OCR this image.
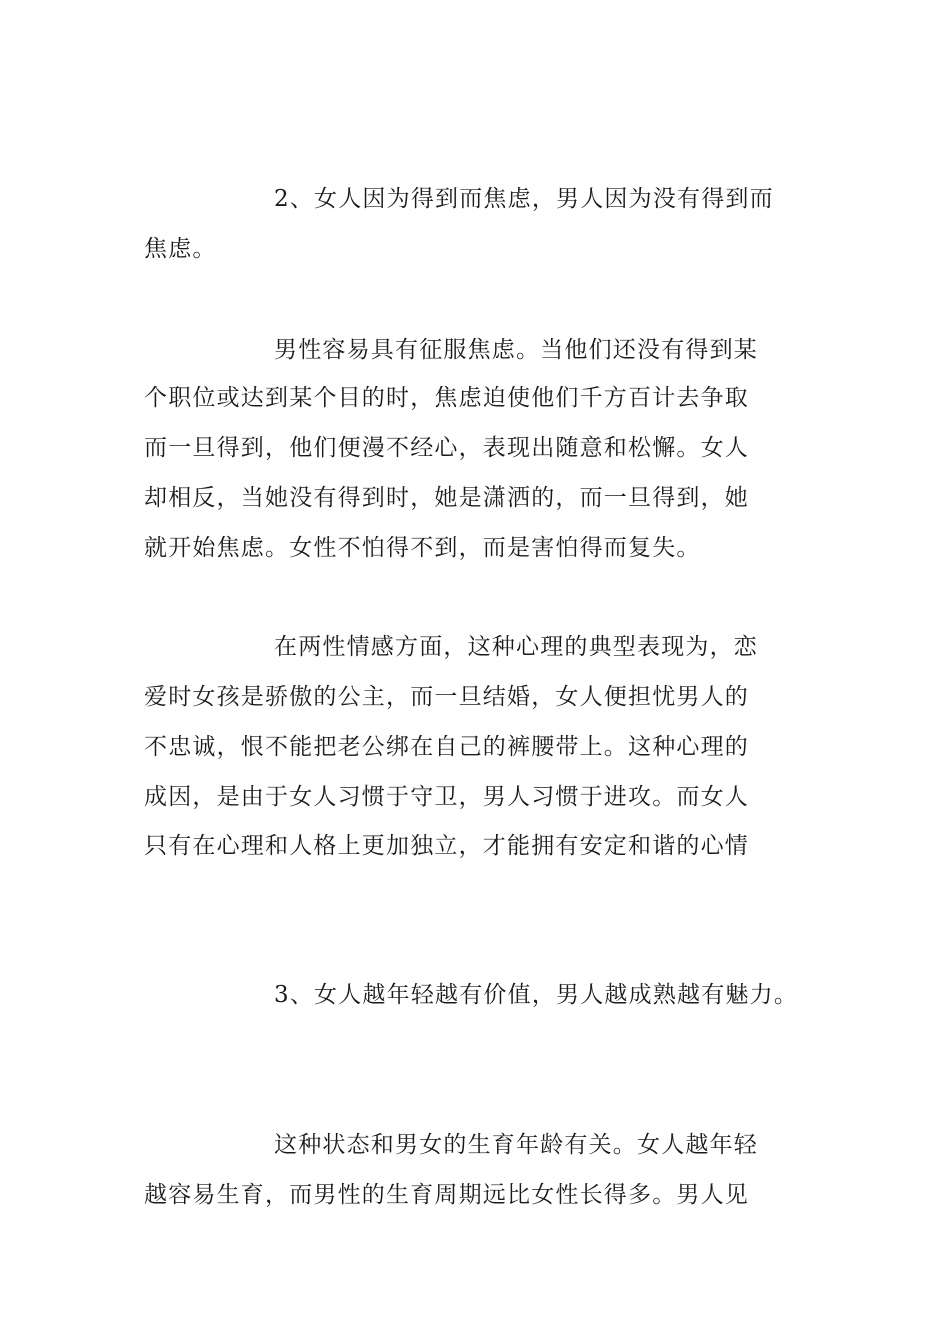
2、女人因为得到而焦虑，男人因为没有得到而
焦虑。
男性容易具有征服焦虑。当他们还没有得到某
个职位或达到某个目的时，焦虑迫使他们千方百计去争取
而一旦得到，他们便漫不经心，表现出随意和松懈。女人
却相反，当她没有得到时，她是潇洒的，而一旦得到，她
就开始焦虑。女性不怕得不到，而是害怕得而复失。
在两性情感方面，这种心理的典型表现为，恋
爱时女孩是骄傲的公主，而一旦结婚，女人便担忧男人的
不忠诚，恨不能把老公绑在自己的裤腰带上。这种心理的
成因，是由于女人习惯于守卫，男人习惯于进攻。而女人
只有在心理和人格上更加独立，才能拥有安定和谐的心情
3、女人越年轻越有价值，男人越成熟越有魅力。
这种状态和男女的生育年龄有关。女人越年轻
越容易生育，而男性的生育周期远比女性长得多。男人见
